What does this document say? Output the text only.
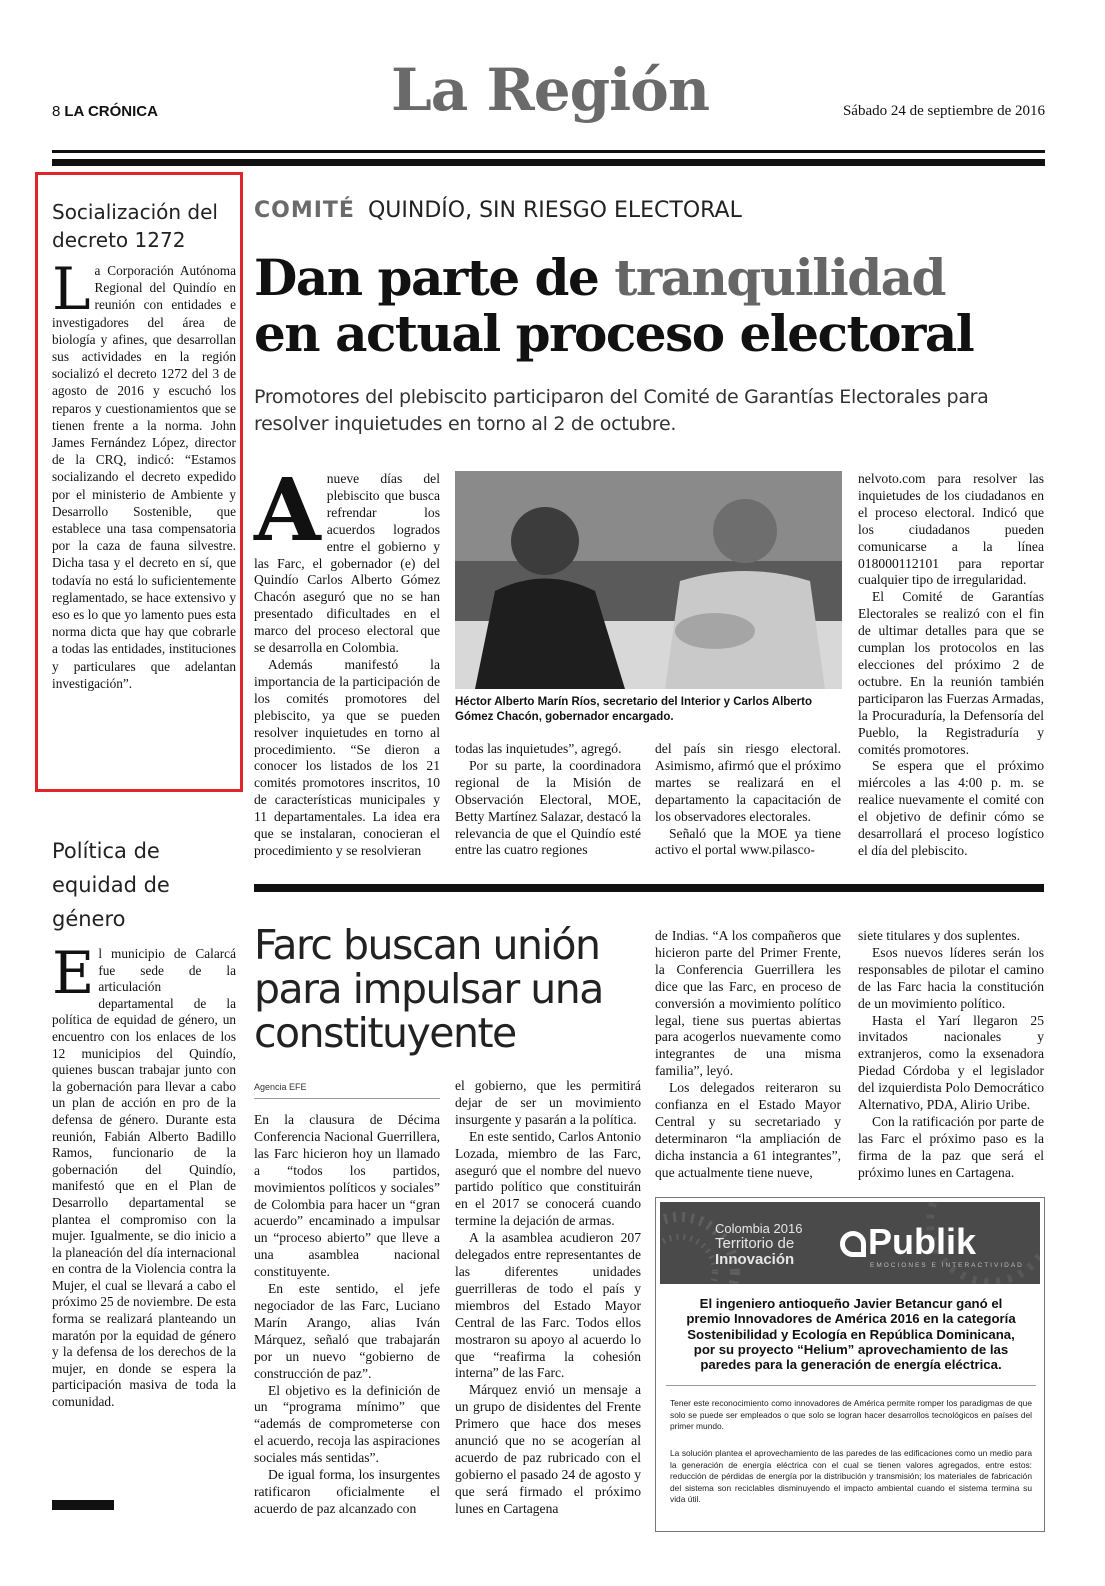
8 LA CRÓNICA	La Región	Sábado 24 de septiembre de 2016
Socialización del decreto 1272
La Corporación Autónoma Regional del Quindío en reunión con entidades e investigadores del área de biología y afines, que desarrollan sus actividades en la región socializó el decreto 1272 del 3 de agosto de 2016 y escuchó los reparos y cuestionamientos que se tienen frente a la norma. John James Fernández López, director de la CRQ, indicó: “Estamos socializando el decreto expedido por el ministerio de Ambiente y Desarrollo Sostenible, que establece una tasa compensatoria por la caza de fauna silvestre. Dicha tasa y el decreto en sí, que todavía no está lo suficientemente reglamentado, se hace extensivo y eso es lo que yo lamento pues esta norma dicta que hay que cobrarle a todas las entidades, instituciones y particulares que adelantan investigación”.
Política de equidad de género
El municipio de Calarcá fue sede de la articulación departamental de la política de equidad de género, un encuentro con los enlaces de los 12 municipios del Quindío, quienes buscan trabajar junto con la gobernación para llevar a cabo un plan de acción en pro de la defensa de género. Durante esta reunión, Fabián Alberto Badillo Ramos, funcionario de la gobernación del Quindío, manifestó que en el Plan de Desarrollo departamental se plantea el compromiso con la mujer. Igualmente, se dio inicio a la planeación del día internacional en contra de la Violencia contra la Mujer, el cual se llevará a cabo el próximo 25 de noviembre. De esta forma se realizará planteando un maratón por la equidad de género y la defensa de los derechos de la mujer, en donde se espera la participación masiva de toda la comunidad.
COMITÉ QUINDÍO, SIN RIESGO ELECTORAL
Dan parte de tranquilidad
en actual proceso electoral
Promotores del plebiscito participaron del Comité de Garantías Electorales para resolver inquietudes en torno al 2 de octubre.
Anueve días del plebiscito que busca refrendar los acuerdos logrados entre el gobierno y las Farc, el gobernador (e) del Quindío Carlos Alberto Gómez Chacón aseguró que no se han presentado dificultades en el marco del proceso electoral que se desarrolla en Colombia.
Además manifestó la importancia de la participación de los comités promotores del plebiscito, ya que se pueden resolver inquietudes en torno al procedimiento. “Se dieron a conocer los listados de los 21 comités promotores inscritos, 10 de características municipales y 11 departamentales. La idea era que se instalaran, conocieran el procedimiento y se resolvieran
Héctor Alberto Marín Ríos, secretario del Interior y Carlos Alberto Gómez Chacón, gobernador encargado.
todas las inquietudes”, agregó.
Por su parte, la coordinadora regional de la Misión de Observación Electoral, MOE, Betty Martínez Salazar, destacó la relevancia de que el Quindío esté entre las cuatro regiones
del país sin riesgo electoral. Asimismo, afirmó que el próximo martes se realizará en el departamento la capacitación de los observadores electorales.
Señaló que la MOE ya tiene activo el portal www.pilasco-
nelvoto.com para resolver las inquietudes de los ciudadanos en el proceso electoral. Indicó que los ciudadanos pueden comunicarse a la línea 018000112101 para reportar cualquier tipo de irregularidad.
El Comité de Garantías Electorales se realizó con el fin de ultimar detalles para que se cumplan los protocolos en las elecciones del próximo 2 de octubre. En la reunión también participaron las Fuerzas Armadas, la Procuraduría, la Defensoría del Pueblo, la Registraduría y comités promotores.
Se espera que el próximo miércoles a las 4:00 p. m. se realice nuevamente el comité con el objetivo de definir cómo se desarrollará el proceso logístico el día del plebiscito.
Farc buscan unión para impulsar una constituyente
Agencia EFE
En la clausura de Décima Conferencia Nacional Guerrillera, las Farc hicieron hoy un llamado a “todos los partidos, movimientos políticos y sociales” de Colombia para hacer un “gran acuerdo” encaminado a impulsar un “proceso abierto” que lleve a una asamblea nacional constituyente.
En este sentido, el jefe negociador de las Farc, Luciano Marín Arango, alias Iván Márquez, señaló que trabajarán por un nuevo “gobierno de construcción de paz”.
El objetivo es la definición de un “programa mínimo” que “además de comprometerse con el acuerdo, recoja las aspiraciones sociales más sentidas”.
De igual forma, los insurgentes ratificaron oficialmente el acuerdo de paz alcanzado con
el gobierno, que les permitirá dejar de ser un movimiento insurgente y pasarán a la política.
En este sentido, Carlos Antonio Lozada, miembro de las Farc, aseguró que el nombre del nuevo partido político que constituirán en el 2017 se conocerá cuando termine la dejación de armas.
A la asamblea acudieron 207 delegados entre representantes de las diferentes unidades guerrilleras de todo el país y miembros del Estado Mayor Central de las Farc. Todos ellos mostraron su apoyo al acuerdo lo que “reafirma la cohesión interna” de las Farc.
Márquez envió un mensaje a un grupo de disidentes del Frente Primero que hace dos meses anunció que no se acogerían al acuerdo de paz rubricado con el gobierno el pasado 24 de agosto y que será firmado el próximo lunes en Cartagena
de Indias. “A los compañeros que hicieron parte del Primer Frente, la Conferencia Guerrillera les dice que las Farc, en proceso de conversión a movimiento político legal, tiene sus puertas abiertas para acogerlos nuevamente como integrantes de una misma familia”, leyó.
Los delegados reiteraron su confianza en el Estado Mayor Central y su secretariado y determinaron “la ampliación de dicha instancia a 61 integrantes”, que actualmente tiene nueve,
siete titulares y dos suplentes.
Esos nuevos líderes serán los responsables de pilotar el camino de las Farc hacia la constitución de un movimiento político.
Hasta el Yarí llegaron 25 invitados nacionales y extranjeros, como la exsenadora Piedad Córdoba y el legislador del izquierdista Polo Democrático Alternativo, PDA, Alirio Uribe.
Con la ratificación por parte de las Farc el próximo paso es la firma de la paz que será el próximo lunes en Cartagena.
Colombia 2016
Territorio de
Innovación	Publik
EMOCIONES E INTERACTIVIDAD
El ingeniero antioqueño Javier Betancur ganó el premio Innovadores de América 2016 en la categoría Sostenibilidad y Ecología en República Dominicana, por su proyecto “Helium” aprovechamiento de las paredes para la generación de energía eléctrica.
Tener este reconocimiento como innovadores de América permite romper los paradigmas de que solo se puede ser empleados o que solo se logran hacer desarrollos tecnológicos en países del primer mundo.
La solución plantea el aprovechamiento de las paredes de las edificaciones como un medio para la generación de energía eléctrica con el cual se tienen valores agregados, entre estos: reducción de pérdidas de energía por la distribución y transmisión; los materiales de fabricación del sistema son reciclables disminuyendo el impacto ambiental cuando el sistema termina su vida útil.
